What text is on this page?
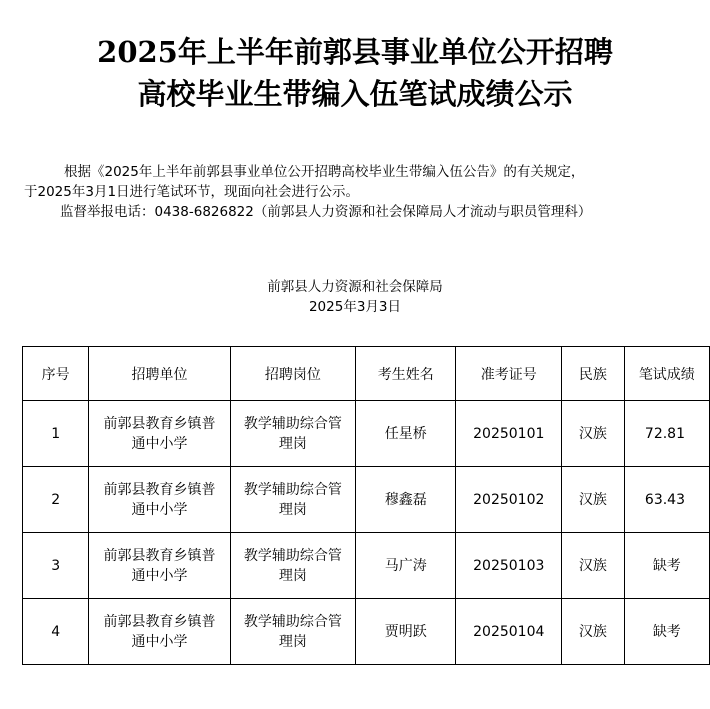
2025年上半年前郭县事业单位公开招聘
高校毕业生带编入伍笔试成绩公示
根据《2025年上半年前郭县事业单位公开招聘高校毕业生带编入伍公告》的有关规定，
于2025年3月1日进行笔试环节，现面向社会进行公示。
监督举报电话：0438-6826822（前郭县人力资源和社会保障局人才流动与职员管理科）
前郭县人力资源和社会保障局
2025年3月3日
序号	招聘单位	招聘岗位	考生姓名	准考证号	民族	笔试成绩
1	前郭县教育乡镇普通中小学	教学辅助综合管理岗	任星桥	20250101	汉族	72.81
2	前郭县教育乡镇普通中小学	教学辅助综合管理岗	穆鑫磊	20250102	汉族	63.43
3	前郭县教育乡镇普通中小学	教学辅助综合管理岗	马广涛	20250103	汉族	缺考
4	前郭县教育乡镇普通中小学	教学辅助综合管理岗	贾明跃	20250104	汉族	缺考
